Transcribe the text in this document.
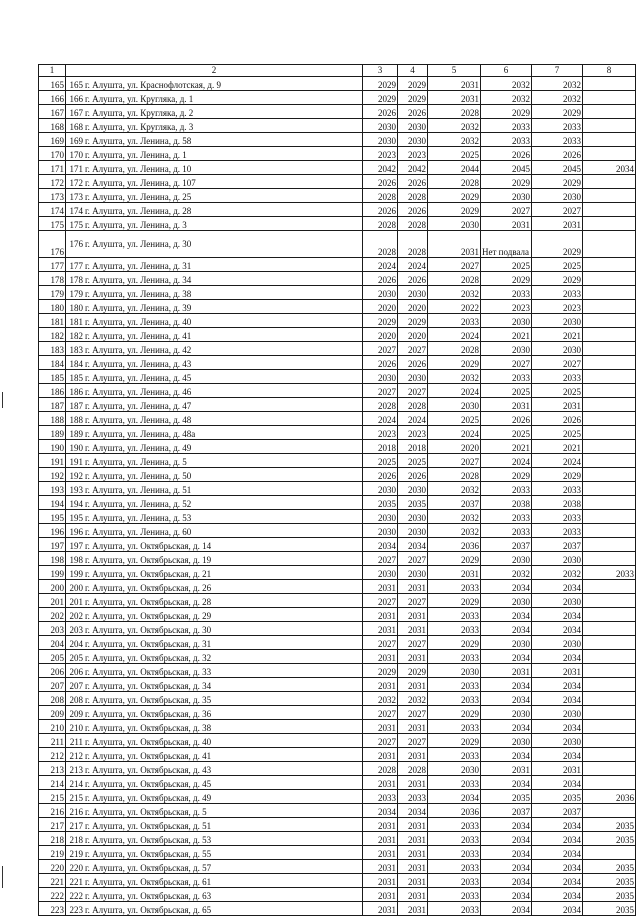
1	2	3	4	5	6	7	8
165	165 г. Алушта, ул. Краснофлотская, д. 9	2029	2029	2031	2032	2032	
166	166 г. Алушта, ул. Кругляка, д. 1	2029	2029	2031	2032	2032	
167	167 г. Алушта, ул. Кругляка, д. 2	2026	2026	2028	2029	2029	
168	168 г. Алушта, ул. Кругляка, д. 3	2030	2030	2032	2033	2033	
169	169 г. Алушта, ул. Ленина, д. 58	2030	2030	2032	2033	2033	
170	170 г. Алушта, ул. Ленина, д. 1	2023	2023	2025	2026	2026	
171	171 г. Алушта, ул. Ленина, д. 10	2042	2042	2044	2045	2045	2034
172	172 г. Алушта, ул. Ленина, д. 107	2026	2026	2028	2029	2029	
173	173 г. Алушта, ул. Ленина, д. 25	2028	2028	2029	2030	2030	
174	174 г. Алушта, ул. Ленина, д. 28	2026	2026	2029	2027	2027	
175	175 г. Алушта, ул. Ленина, д. 3	2028	2028	2030	2031	2031	
176	176 г. Алушта, ул. Ленина, д. 30	2028	2028	2031	Нет подвала	2029	
177	177 г. Алушта, ул. Ленина, д. 31	2024	2024	2027	2025	2025	
178	178 г. Алушта, ул. Ленина, д. 34	2026	2026	2028	2029	2029	
179	179 г. Алушта, ул. Ленина, д. 38	2030	2030	2032	2033	2033	
180	180 г. Алушта, ул. Ленина, д. 39	2020	2020	2022	2023	2023	
181	181 г. Алушта, ул. Ленина, д. 40	2029	2029	2033	2030	2030	
182	182 г. Алушта, ул. Ленина, д. 41	2020	2020	2024	2021	2021	
183	183 г. Алушта, ул. Ленина, д. 42	2027	2027	2028	2030	2030	
184	184 г. Алушта, ул. Ленина, д. 43	2026	2026	2029	2027	2027	
185	185 г. Алушта, ул. Ленина, д. 45	2030	2030	2032	2033	2033	
186	186 г. Алушта, ул. Ленина, д. 46	2027	2027	2024	2025	2025	
187	187 г. Алушта, ул. Ленина, д. 47	2028	2028	2030	2031	2031	
188	188 г. Алушта, ул. Ленина, д. 48	2024	2024	2025	2026	2026	
189	189 г. Алушта, ул. Ленина, д. 48а	2023	2023	2024	2025	2025	
190	190 г. Алушта, ул. Ленина, д. 49	2018	2018	2020	2021	2021	
191	191 г. Алушта, ул. Ленина, д. 5	2025	2025	2027	2024	2024	
192	192 г. Алушта, ул. Ленина, д. 50	2026	2026	2028	2029	2029	
193	193 г. Алушта, ул. Ленина, д. 51	2030	2030	2032	2033	2033	
194	194 г. Алушта, ул. Ленина, д. 52	2035	2035	2037	2038	2038	
195	195 г. Алушта, ул. Ленина, д. 53	2030	2030	2032	2033	2033	
196	196 г. Алушта, ул. Ленина, д. 60	2030	2030	2032	2033	2033	
197	197 г. Алушта, ул. Октябрьская, д. 14	2034	2034	2036	2037	2037	
198	198 г. Алушта, ул. Октябрьская, д. 19	2027	2027	2029	2030	2030	
199	199 г. Алушта, ул. Октябрьская, д. 21	2030	2030	2031	2032	2032	2033
200	200 г. Алушта, ул. Октябрьская, д. 26	2031	2031	2033	2034	2034	
201	201 г. Алушта, ул. Октябрьская, д. 28	2027	2027	2029	2030	2030	
202	202 г. Алушта, ул. Октябрьская, д. 29	2031	2031	2033	2034	2034	
203	203 г. Алушта, ул. Октябрьская, д. 30	2031	2031	2033	2034	2034	
204	204 г. Алушта, ул. Октябрьская, д. 31	2027	2027	2029	2030	2030	
205	205 г. Алушта, ул. Октябрьская, д. 32	2031	2031	2033	2034	2034	
206	206 г. Алушта, ул. Октябрьская, д. 33	2029	2029	2030	2031	2031	
207	207 г. Алушта, ул. Октябрьская, д. 34	2031	2031	2033	2034	2034	
208	208 г. Алушта, ул. Октябрьская, д. 35	2032	2032	2033	2034	2034	
209	209 г. Алушта, ул. Октябрьская, д. 36	2027	2027	2029	2030	2030	
210	210 г. Алушта, ул. Октябрьская, д. 38	2031	2031	2033	2034	2034	
211	211 г. Алушта, ул. Октябрьская, д. 40	2027	2027	2029	2030	2030	
212	212 г. Алушта, ул. Октябрьская, д. 41	2031	2031	2033	2034	2034	
213	213 г. Алушта, ул. Октябрьская, д. 43	2028	2028	2030	2031	2031	
214	214 г. Алушта, ул. Октябрьская, д. 45	2031	2031	2033	2034	2034	
215	215 г. Алушта, ул. Октябрьская, д. 49	2033	2033	2034	2035	2035	2036
216	216 г. Алушта, ул. Октябрьская, д. 5	2034	2034	2036	2037	2037	
217	217 г. Алушта, ул. Октябрьская, д. 51	2031	2031	2033	2034	2034	2035
218	218 г. Алушта, ул. Октябрьская, д. 53	2031	2031	2033	2034	2034	2035
219	219 г. Алушта, ул. Октябрьская, д. 55	2031	2031	2033	2034	2034	
220	220 г. Алушта, ул. Октябрьская, д. 57	2031	2031	2033	2034	2034	2035
221	221 г. Алушта, ул. Октябрьская, д. 61	2031	2031	2033	2034	2034	2035
222	222 г. Алушта, ул. Октябрьская, д. 63	2031	2031	2033	2034	2034	2035
223	223 г. Алушта, ул. Октябрьская, д. 65	2031	2031	2033	2034	2034	2035
